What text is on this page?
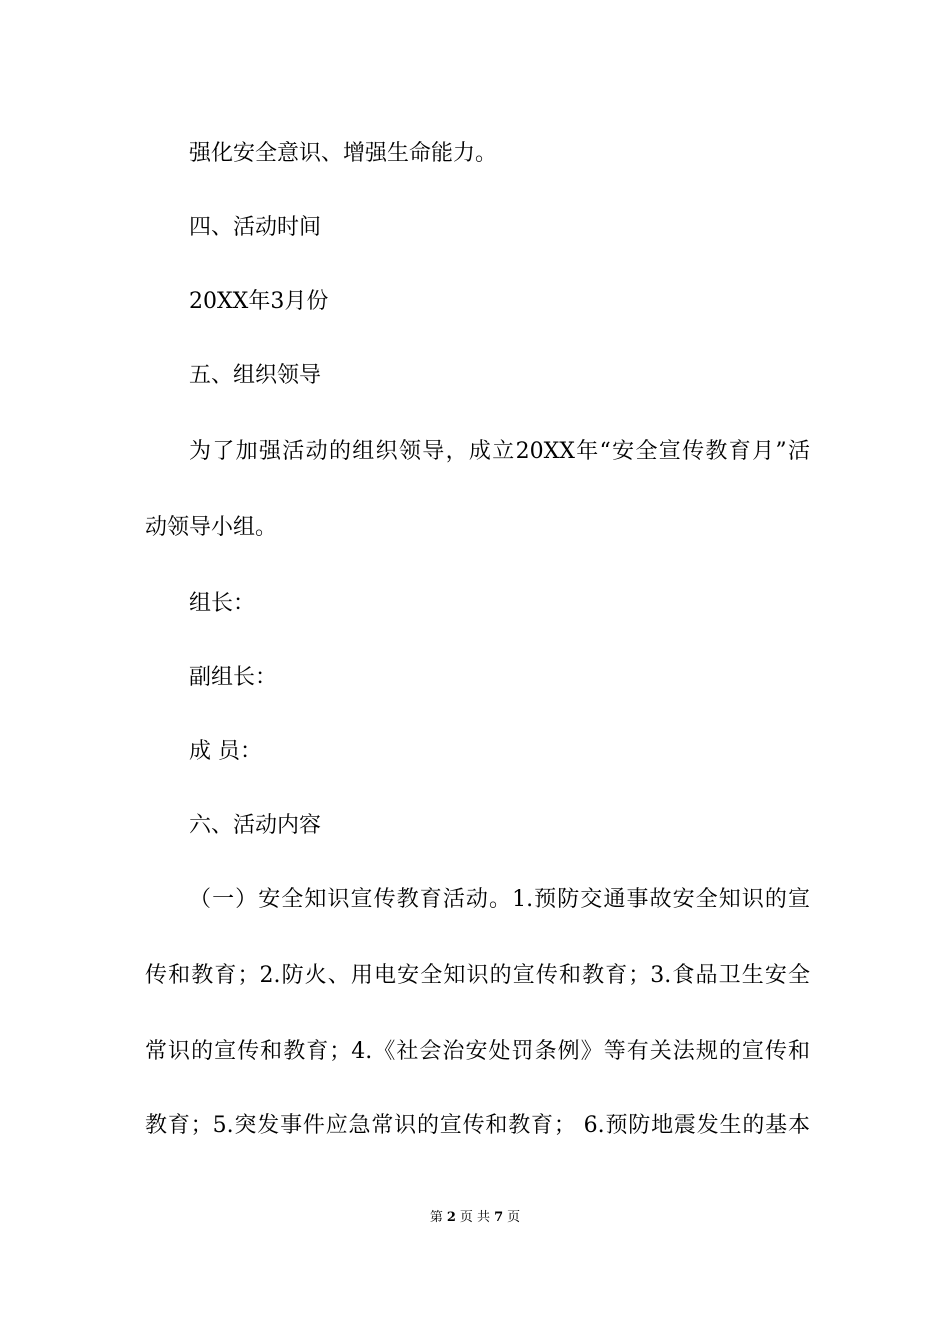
强化安全意识、增强生命能力。
四、活动时间
20XX年3月份
五、组织领导
为了加强活动的组织领导，成立20XX年“安全宣传教育月”活
动领导小组。
组长：
副组长：
成 员：
六、活动内容
（一）安全知识宣传教育活动。1.预防交通事故安全知识的宣
传和教育；2.防火、用电安全知识的宣传和教育；3.食品卫生安全
常识的宣传和教育；4.《社会治安处罚条例》等有关法规的宣传和
教育；5.突发事件应急常识的宣传和教育； 6.预防地震发生的基本
第 2 页 共 7 页
